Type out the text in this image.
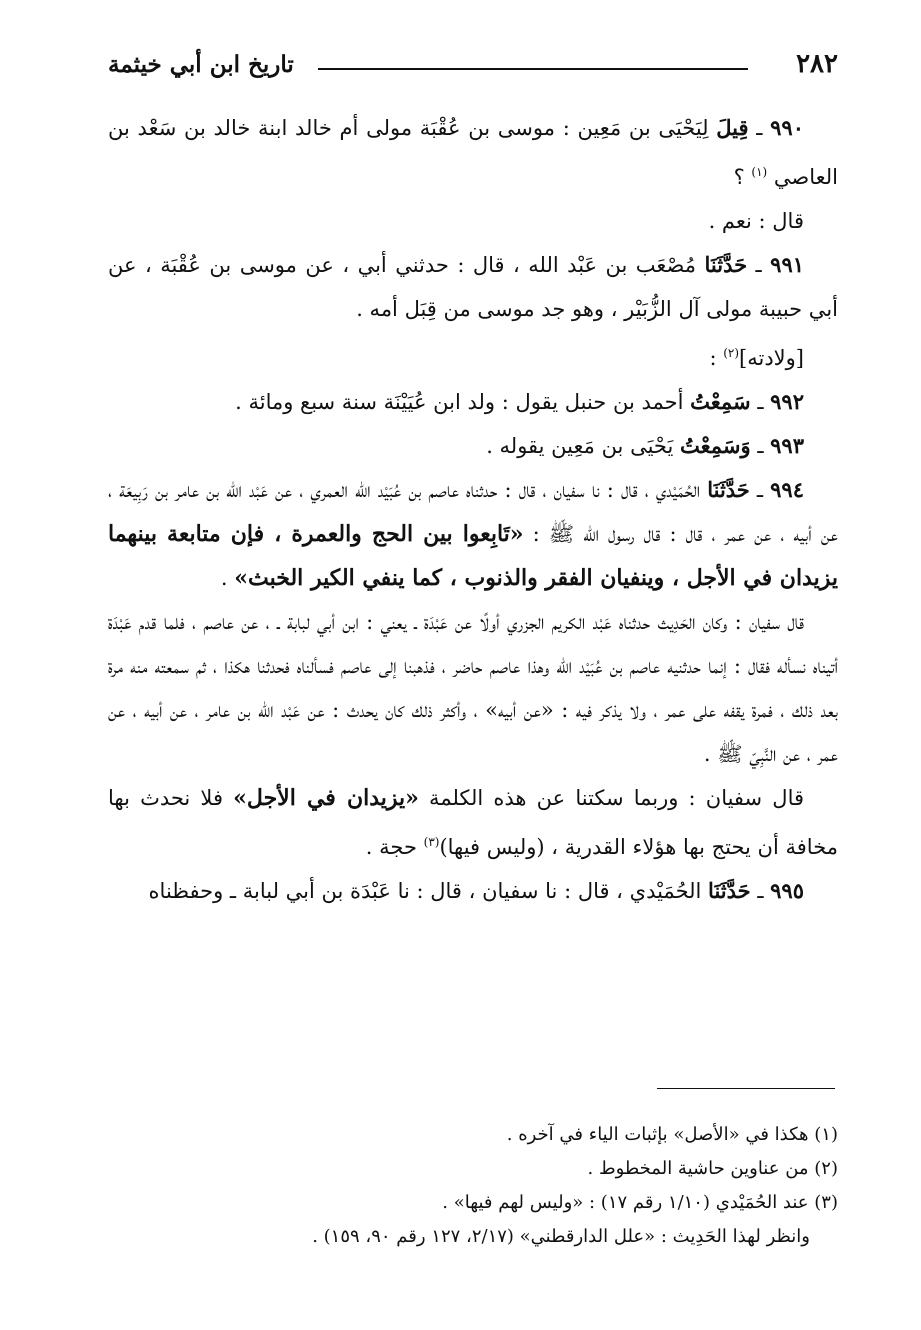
٢٨٢
تاريخ ابن أبي خيثمة

٩٩٠ ـ قِيلَ لِيَحْيَى بن مَعِين : موسى بن عُقْبَة مولى أم خالد ابنة خالد بن سَعْد بن العاصي $^{(١)}$ ؟

قال : نعم .

٩٩١ ـ حَدَّثَنَا مُصْعَب بن عَبْد الله ، قال : حدثني أبي ، عن موسى بن عُقْبَة ، عن أبي حبيبة مولى آل الزُّبَيْر ، وهو جد موسى من قِبَل أمه .

[ولادته]$^{(٢)}$ :

٩٩٢ ـ سَمِعْتُ أحمد بن حنبل يقول : ولد ابن عُيَيْنَة سنة سبع ومائة .

٩٩٣ ـ وَسَمِعْتُ يَحْيَى بن مَعِين يقوله .

٩٩٤ ـ حَدَّثَنَا الحُمَيْدي ، قال : نا سفيان ، قال : حدثناه عاصم بن عُبَيْد الله العمري ، عن عَبْد الله بن عامر بن رَبِيعَة ، عن أبيه ، عن عمر ، قال : قال رسول الله ﷺ : «تَابِعوا بين الحج والعمرة ، فإن متابعة بينهما يزيدان في الأجل ، وينفيان الفقر والذنوب ، كما ينفي الكير الخبث» .

قال سفيان : وكان الحَدِيث حدثناه عَبْد الكريم الجزري أولًا عن عَبْدَة ـ يعني : ابن أبي لبابة ـ ، عن عاصم ، فلما قدم عَبْدَة أتيناه نسأله فقال : إنما حدثنيه عاصم بن عُبَيْد الله وهذا عاصم حاضر ، فذهبنا إلى عاصم فسألناه فحدثنا هكذا ، ثم سمعته منه مرة بعد ذلك ، فمرة يقفه على عمر ، ولا يذكر فيه : «عن أبيه» ، وأكثر ذلك كان يحدث : عن عَبْد الله بن عامر ، عن أبيه ، عن عمر ، عن النَّبِيّ ﷺ .

قال سفيان : وربما سكتنا عن هذه الكلمة «يزيدان في الأجل» فلا نحدث بها مخافة أن يحتج بها هؤلاء القدرية ، (وليس فيها)$^{(٣)}$ حجة .

٩٩٥ ـ حَدَّثَنَا الحُمَيْدي ، قال : نا سفيان ، قال : نا عَبْدَة بن أبي لبابة ـ وحفظناه

(١) هكذا في «الأصل» بإثبات الياء في آخره .

(٢) من عناوين حاشية المخطوط .

(٣) عند الحُمَيْدي (١/١٠ رقم ١٧) : «وليس لهم فيها» .

وانظر لهذا الحَدِيث : «علل الدارقطني» (٢/١٧، ١٢٧ رقم ٩٠، ١٥٩) .
